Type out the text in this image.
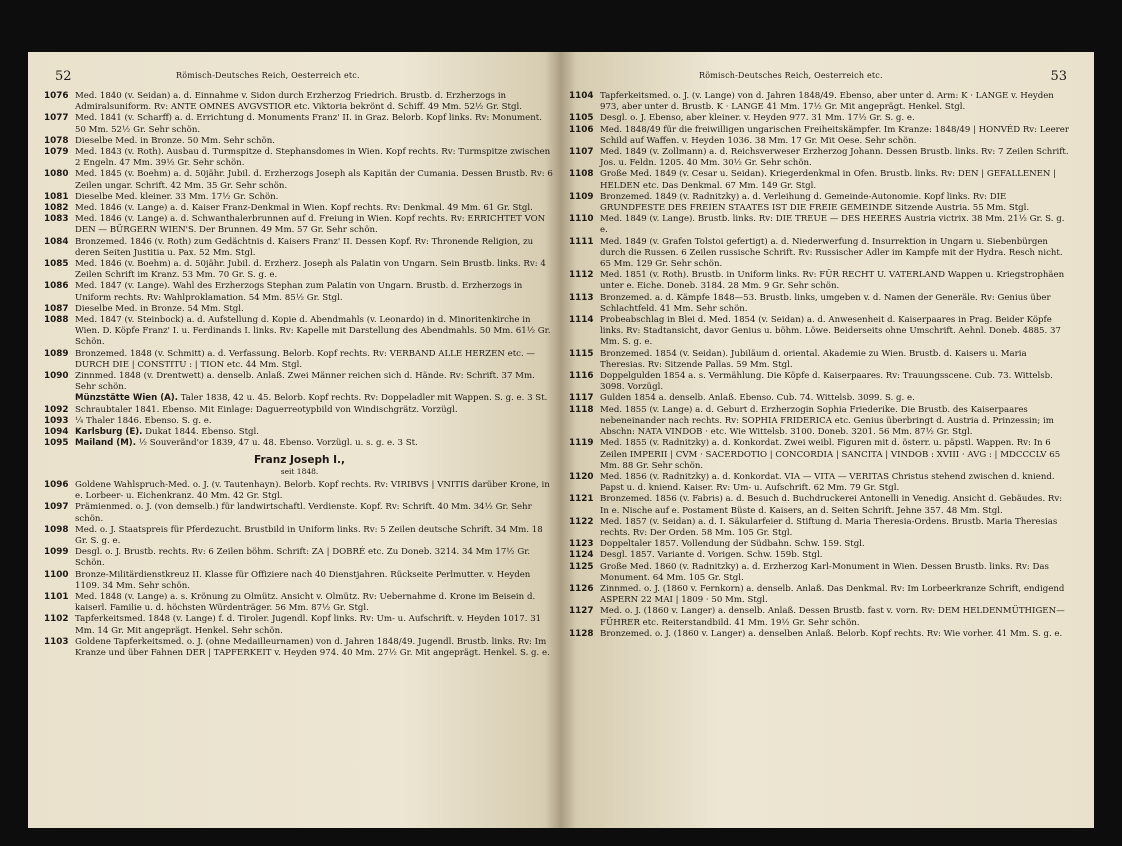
52	Römisch-Deutsches Reich, Oesterreich etc.
1076 Med. 1840 (v. Seidan) a. d. Einnahme v. Sidon durch Erzherzog Friedrich. Brustb. d. Erzherzogs in Admiralsuniform. Rv: ANTE OMNES AVGVSTIOR etc. Viktoria bekrönt d. Schiff. 49 Mm. 52½ Gr. Stgl.
1077 Med. 1841 (v. Scharff) a. d. Errichtung d. Monuments Franz' II. in Graz. Belorb. Kopf links. Rv: Monument. 50 Mm. 52½ Gr. Sehr schön.
1078 Dieselbe Med. in Bronze. 50 Mm. Sehr schön.
1079 Med. 1843 (v. Roth). Ausbau d. Turmspitze d. Stephansdomes in Wien. Kopf rechts. Rv: Turmspitze zwischen 2 Engeln. 47 Mm. 39½ Gr. Sehr schön.
1080 Med. 1845 (v. Boehm) a. d. 50jähr. Jubil. d. Erzherzogs Joseph als Kapitän der Cumania. Dessen Brustb. Rv: 6 Zeilen ungar. Schrift. 42 Mm. 35 Gr. Sehr schön.
1081 Dieselbe Med. kleiner. 33 Mm. 17½ Gr. Schön.
1082 Med. 1846 (v. Lange) a. d. Kaiser Franz-Denkmal in Wien. Kopf rechts. Rv: Denkmal. 49 Mm. 61 Gr. Stgl.
1083 Med. 1846 (v. Lange) a. d. Schwanthalerbrunnen auf d. Freiung in Wien. Kopf rechts. Rv: ERRICHTET VON DEN — BÜRGERN WIEN'S. Der Brunnen. 49 Mm. 57 Gr. Sehr schön.
1084 Bronzemed. 1846 (v. Roth) zum Gedächtnis d. Kaisers Franz' II. Dessen Kopf. Rv: Thronende Religion, zu deren Seiten Justitia u. Pax. 52 Mm. Stgl.
1085 Med. 1846 (v. Boehm) a. d. 50jähr. Jubil. d. Erzherz. Joseph als Palatin von Ungarn. Sein Brustb. links. Rv: 4 Zeilen Schrift im Kranz. 53 Mm. 70 Gr. S. g. e.
1086 Med. 1847 (v. Lange). Wahl des Erzherzogs Stephan zum Palatin von Ungarn. Brustb. d. Erzherzogs in Uniform rechts. Rv: Wahlproklamation. 54 Mm. 85½ Gr. Stgl.
1087 Dieselbe Med. in Bronze. 54 Mm. Stgl.
1088 Med. 1847 (v. Steinbock) a. d. Aufstellung d. Kopie d. Abendmahls (v. Leonardo) in d. Minoritenkirche in Wien. D. Köpfe Franz' I. u. Ferdinands I. links. Rv: Kapelle mit Darstellung des Abendmahls. 50 Mm. 61½ Gr. Schön.
1089 Bronzemed. 1848 (v. Schmitt) a. d. Verfassung. Belorb. Kopf rechts. Rv: VERBAND ALLE HERZEN etc. — DURCH DIE | CONSTITU : | TION etc. 44 Mm. Stgl.
1090 Zinnmed. 1848 (v. Drentwett) a. denselb. Anlaß. Zwei Männer reichen sich d. Hände. Rv: Schrift. 37 Mm. Sehr schön.
Münzstätte Wien (A). Taler 1838, 42 u. 45. Belorb. Kopf rechts. Rv: Doppeladler mit Wappen. S. g. e. 3 St.
1092 Schraubtaler 1841. Ebenso. Mit Einlage: Daguerreotypbild von Windischgrätz. Vorzügl.
1093 ¼ Thaler 1846. Ebenso. S. g. e.
1094 Karlsburg (E). Dukat 1844. Ebenso. Stgl.
1095 Mailand (M). ½ Souveränd'or 1839, 47 u. 48. Ebenso. Vorzügl. u. s. g. e. 3 St.
Franz Joseph I.,
seit 1848.
1096 Goldene Wahlspruch-Med. o. J. (v. Tautenhayn). Belorb. Kopf rechts. Rv: VIRIBVS | VNITIS darüber Krone, in e. Lorbeer- u. Eichenkranz. 40 Mm. 42 Gr. Stgl.
1097 Prämienmed. o. J. (von demselb.) für landwirtschaftl. Verdienste. Kopf. Rv: Schrift. 40 Mm. 34½ Gr. Sehr schön.
1098 Med. o. J. Staatspreis für Pferdezucht. Brustbild in Uniform links. Rv: 5 Zeilen deutsche Schrift. 34 Mm. 18 Gr. S. g. e.
1099 Desgl. o. J. Brustb. rechts. Rv: 6 Zeilen böhm. Schrift: ZA | DOBRÉ etc. Zu Doneb. 3214. 34 Mm 17½ Gr. Schön.
1100 Bronze-Militärdienstkreuz II. Klasse für Offiziere nach 40 Dienstjahren. Rückseite Perlmutter. v. Heyden 1109. 34 Mm. Sehr schön.
1101 Med. 1848 (v. Lange) a. s. Krönung zu Olmütz. Ansicht v. Olmütz. Rv: Uebernahme d. Krone im Beisein d. kaiserl. Familie u. d. höchsten Würdenträger. 56 Mm. 87½ Gr. Stgl.
1102 Tapferkeitsmed. 1848 (v. Lange) f. d. Tiroler. Jugendl. Kopf links. Rv: Um- u. Aufschrift. v. Heyden 1017. 31 Mm. 14 Gr. Mit angeprägt. Henkel. Sehr schön.
1103 Goldene Tapferkeitsmed. o. J. (ohne Medailleurnamen) von d. Jahren 1848/49. Jugendl. Brustb. links. Rv: Im Kranze und über Fahnen DER | TAPFERKEIT v. Heyden 974. 40 Mm. 27½ Gr. Mit angeprägt. Henkel. S. g. e.
Römisch-Deutsches Reich, Oesterreich etc.	53
1104 Tapferkeitsmed. o. J. (v. Lange) von d. Jahren 1848/49. Ebenso, aber unter d. Arm: K · LANGE v. Heyden 973, aber unter d. Brustb. K · LANGE 41 Mm. 17½ Gr. Mit angeprägt. Henkel. Stgl.
1105 Desgl. o. J. Ebenso, aber kleiner. v. Heyden 977. 31 Mm. 17½ Gr. S. g. e.
1106 Med. 1848/49 für die freiwilligen ungarischen Freiheitskämpfer. Im Kranze: 1848/49 | HONVÉD Rv: Leerer Schild auf Waffen. v. Heyden 1036. 38 Mm. 17 Gr. Mit Oese. Sehr schön.
1107 Med. 1849 (v. Zollmann) a. d. Reichsverweser Erzherzog Johann. Dessen Brustb. links. Rv: 7 Zeilen Schrift. Jos. u. Feldn. 1205. 40 Mm. 30½ Gr. Sehr schön.
1108 Große Med. 1849 (v. Cesar u. Seidan). Kriegerdenkmal in Ofen. Brustb. links. Rv: DEN | GEFALLENEN | HELDEN etc. Das Denkmal. 67 Mm. 149 Gr. Stgl.
1109 Bronzemed. 1849 (v. Radnitzky) a. d. Verleihung d. Gemeinde-Autonomie. Kopf links. Rv: DIE GRUNDFESTE DES FREIEN STAATES IST DIE FREIE GEMEINDE Sitzende Austria. 55 Mm. Stgl.
1110 Med. 1849 (v. Lange). Brustb. links. Rv: DIE TREUE — DES HEERES Austria victrix. 38 Mm. 21½ Gr. S. g. e.
1111 Med. 1849 (v. Grafen Tolstoi gefertigt) a. d. Niederwerfung d. Insurrektion in Ungarn u. Siebenbürgen durch die Russen. 6 Zeilen russische Schrift. Rv: Russischer Adler im Kampfe mit der Hydra. Resch nicht. 65 Mm. 129 Gr. Sehr schön.
1112 Med. 1851 (v. Roth). Brustb. in Uniform links. Rv: FÜR RECHT U. VATERLAND Wappen u. Kriegstrophäen unter e. Eiche. Doneb. 3184. 28 Mm. 9 Gr. Sehr schön.
1113 Bronzemed. a. d. Kämpfe 1848—53. Brustb. links, umgeben v. d. Namen der Generäle. Rv: Genius über Schlachtfeld. 41 Mm. Sehr schön.
1114 Probeabschlag in Blei d. Med. 1854 (v. Seidan) a. d. Anwesenheit d. Kaiserpaares in Prag. Beider Köpfe links. Rv: Stadtansicht, davor Genius u. böhm. Löwe. Beiderseits ohne Umschrift. Aehnl. Doneb. 4885. 37 Mm. S. g. e.
1115 Bronzemed. 1854 (v. Seidan). Jubiläum d. oriental. Akademie zu Wien. Brustb. d. Kaisers u. Maria Theresias. Rv: Sitzende Pallas. 59 Mm. Stgl.
1116 Doppelgulden 1854 a. s. Vermählung. Die Köpfe d. Kaiserpaares. Rv: Trauungsscene. Cub. 73. Wittelsb. 3098. Vorzügl.
1117 Gulden 1854 a. denselb. Anlaß. Ebenso. Cub. 74. Wittelsb. 3099. S. g. e.
1118 Med. 1855 (v. Lange) a. d. Geburt d. Erzherzogin Sophia Friederike. Die Brustb. des Kaiserpaares nebeneinander nach rechts. Rv: SOPHIA FRIDERICA etc. Genius überbringt d. Austria d. Prinzessin; im Abschn: NATA VINDOB · etc. Wie Wittelsb. 3100. Doneb. 3201. 56 Mm. 87½ Gr. Stgl.
1119 Med. 1855 (v. Radnitzky) a. d. Konkordat. Zwei weibl. Figuren mit d. österr. u. päpstl. Wappen. Rv: In 6 Zeilen IMPERII | CVM · SACERDOTIO | CONCORDIA | SANCITA | VINDOB : XVIII · AVG : | MDCCCLV 65 Mm. 88 Gr. Sehr schön.
1120 Med. 1856 (v. Radnitzky) a. d. Konkordat. VIA — VITA — VERITAS Christus stehend zwischen d. kniend. Papst u. d. kniend. Kaiser. Rv: Um- u. Aufschrift. 62 Mm. 79 Gr. Stgl.
1121 Bronzemed. 1856 (v. Fabris) a. d. Besuch d. Buchdruckerei Antonelli in Venedig. Ansicht d. Gebäudes. Rv: In e. Nische auf e. Postament Büste d. Kaisers, an d. Seiten Schrift. Jehne 357. 48 Mm. Stgl.
1122 Med. 1857 (v. Seidan) a. d. I. Säkularfeier d. Stiftung d. Maria Theresia-Ordens. Brustb. Maria Theresias rechts. Rv: Der Orden. 58 Mm. 105 Gr. Stgl.
1123 Doppeltaler 1857. Vollendung der Südbahn. Schw. 159. Stgl.
1124 Desgl. 1857. Variante d. Vorigen. Schw. 159b. Stgl.
1125 Große Med. 1860 (v. Radnitzky) a. d. Erzherzog Karl-Monument in Wien. Dessen Brustb. links. Rv: Das Monument. 64 Mm. 105 Gr. Stgl.
1126 Zinnmed. o. J. (1860 v. Fernkorn) a. denselb. Anlaß. Das Denkmal. Rv: Im Lorbeerkranze Schrift, endigend ASPERN 22 MAI | 1809 · 50 Mm. Stgl.
1127 Med. o. J. (1860 v. Langer) a. denselb. Anlaß. Dessen Brustb. fast v. vorn. Rv: DEM HELDENMÜTHIGEN—FÜHRER etc. Reiterstandbild. 41 Mm. 19½ Gr. Sehr schön.
1128 Bronzemed. o. J. (1860 v. Langer) a. denselben Anlaß. Belorb. Kopf rechts. Rv: Wie vorher. 41 Mm. S. g. e.
